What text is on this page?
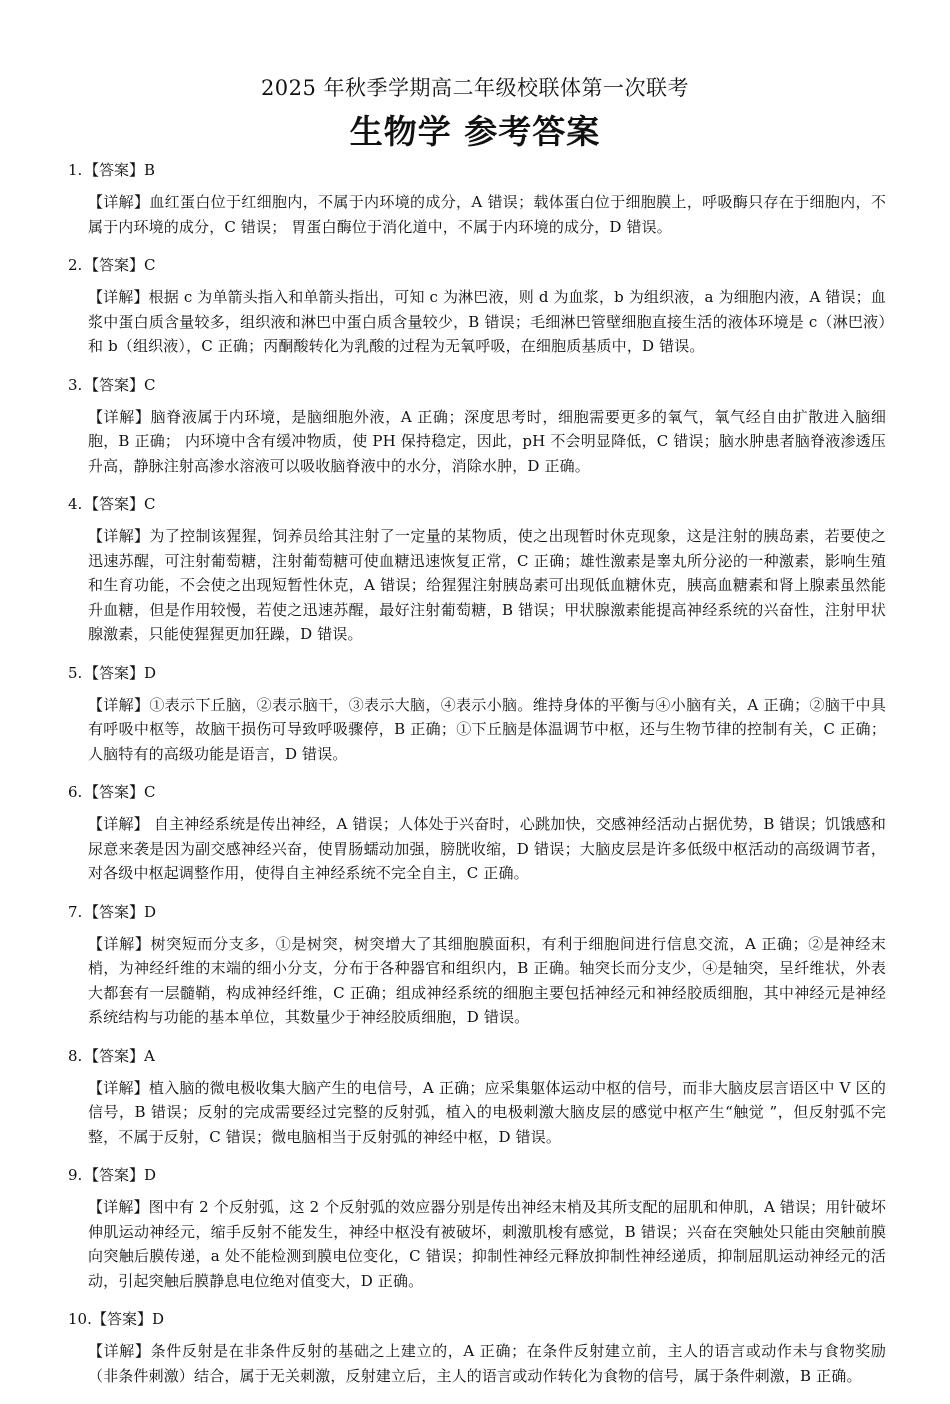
2025 年秋季学期高二年级校联体第一次联考
生物学 参考答案
1. 【答案】B
【详解】血红蛋白位于红细胞内，不属于内环境的成分，A 错误；载体蛋白位于细胞膜上，呼吸酶只存在于细胞内，不属于内环境的成分，C 错误； 胃蛋白酶位于消化道中，不属于内环境的成分，D 错误。
2. 【答案】C
【详解】根据 c 为单箭头指入和单箭头指出，可知 c 为淋巴液，则 d 为血浆，b 为组织液，a 为细胞内液，A 错误；血浆中蛋白质含量较多，组织液和淋巴中蛋白质含量较少，B 错误；毛细淋巴管壁细胞直接生活的液体环境是 c（淋巴液）和 b（组织液），C 正确；丙酮酸转化为乳酸的过程为无氧呼吸，在细胞质基质中，D 错误。
3. 【答案】C
【详解】脑脊液属于内环境，是脑细胞外液，A 正确；深度思考时，细胞需要更多的氧气，氧气经自由扩散进入脑细胞，B 正确； 内环境中含有缓冲物质，使 PH 保持稳定，因此，pH 不会明显降低，C 错误；脑水肿患者脑脊液渗透压升高，静脉注射高渗水溶液可以吸收脑脊液中的水分，消除水肿，D 正确。
4. 【答案】C
【详解】为了控制该猩猩，饲养员给其注射了一定量的某物质，使之出现暂时休克现象，这是注射的胰岛素，若要使之迅速苏醒，可注射葡萄糖，注射葡萄糖可使血糖迅速恢复正常，C 正确；雄性激素是睾丸所分泌的一种激素，影响生殖和生育功能，不会使之出现短暂性休克，A 错误；给猩猩注射胰岛素可出现低血糖休克，胰高血糖素和肾上腺素虽然能升血糖，但是作用较慢，若使之迅速苏醒，最好注射葡萄糖，B 错误；甲状腺激素能提高神经系统的兴奋性，注射甲状腺激素，只能使猩猩更加狂躁，D 错误。
5. 【答案】D
【详解】①表示下丘脑，②表示脑干，③表示大脑，④表示小脑。维持身体的平衡与④小脑有关，A 正确；②脑干中具有呼吸中枢等，故脑干损伤可导致呼吸骤停，B 正确；①下丘脑是体温调节中枢，还与生物节律的控制有关，C 正确；人脑特有的高级功能是语言，D 错误。
6. 【答案】C
【详解】 自主神经系统是传出神经，A 错误；人体处于兴奋时，心跳加快，交感神经活动占据优势，B 错误；饥饿感和尿意来袭是因为副交感神经兴奋，使胃肠蠕动加强，膀胱收缩，D 错误；大脑皮层是许多低级中枢活动的高级调节者，对各级中枢起调整作用，使得自主神经系统不完全自主，C 正确。
7. 【答案】D
【详解】树突短而分支多，①是树突，树突增大了其细胞膜面积，有利于细胞间进行信息交流，A 正确；②是神经末梢，为神经纤维的末端的细小分支，分布于各种器官和组织内，B 正确。轴突长而分支少，④是轴突，呈纤维状，外表大都套有一层髓鞘，构成神经纤维，C 正确；组成神经系统的细胞主要包括神经元和神经胶质细胞，其中神经元是神经系统结构与功能的基本单位，其数量少于神经胶质细胞，D 错误。
8. 【答案】A
【详解】植入脑的微电极收集大脑产生的电信号，A 正确；应采集躯体运动中枢的信号，而非大脑皮层言语区中 V 区的信号，B 错误；反射的完成需要经过完整的反射弧，植入的电极刺激大脑皮层的感觉中枢产生“触觉 ”，但反射弧不完整，不属于反射，C 错误；微电脑相当于反射弧的神经中枢，D 错误。
9. 【答案】D
【详解】图中有 2 个反射弧，这 2 个反射弧的效应器分别是传出神经末梢及其所支配的屈肌和伸肌，A 错误；用针破坏伸肌运动神经元，缩手反射不能发生，神经中枢没有被破坏，刺激肌梭有感觉，B 错误；兴奋在突触处只能由突触前膜向突触后膜传递，a 处不能检测到膜电位变化，C 错误；抑制性神经元释放抑制性神经递质，抑制屈肌运动神经元的活动，引起突触后膜静息电位绝对值变大，D 正确。
10.【答案】D
【详解】条件反射是在非条件反射的基础之上建立的，A 正确；在条件反射建立前，主人的语言或动作未与食物奖励（非条件刺激）结合，属于无关刺激，反射建立后，主人的语言或动作转化为食物的信号，属于条件刺激，B 正确。
